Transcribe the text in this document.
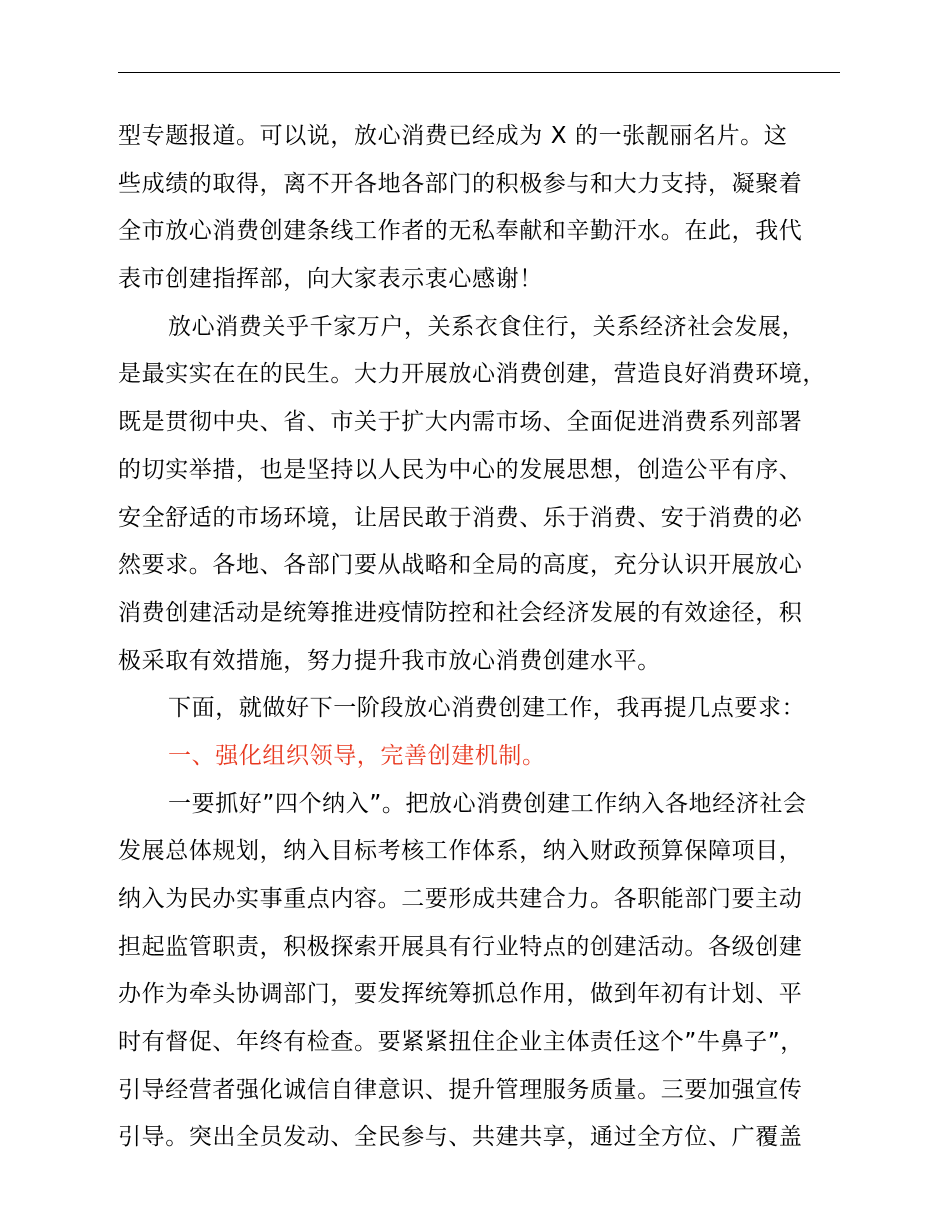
型专题报道。可以说，放心消费已经成为 X 的一张靓丽名片。这
些成绩的取得，离不开各地各部门的积极参与和大力支持，凝聚着
全市放心消费创建条线工作者的无私奉献和辛勤汗水。在此，我代
表市创建指挥部，向大家表示衷心感谢！
放心消费关乎千家万户，关系衣食住行，关系经济社会发展，
是最实实在在的民生。大力开展放心消费创建，营造良好消费环境，
既是贯彻中央、省、市关于扩大内需市场、全面促进消费系列部署
的切实举措，也是坚持以人民为中心的发展思想，创造公平有序、
安全舒适的市场环境，让居民敢于消费、乐于消费、安于消费的必
然要求。各地、各部门要从战略和全局的高度，充分认识开展放心
消费创建活动是统筹推进疫情防控和社会经济发展的有效途径，积
极采取有效措施，努力提升我市放心消费创建水平。
下面，就做好下一阶段放心消费创建工作，我再提几点要求：
一、强化组织领导，完善创建机制。
一要抓好”四个纳入”。把放心消费创建工作纳入各地经济社会
发展总体规划，纳入目标考核工作体系，纳入财政预算保障项目，
纳入为民办实事重点内容。二要形成共建合力。各职能部门要主动
担起监管职责，积极探索开展具有行业特点的创建活动。各级创建
办作为牵头协调部门，要发挥统筹抓总作用，做到年初有计划、平
时有督促、年终有检查。要紧紧扭住企业主体责任这个”牛鼻子”，
引导经营者强化诚信自律意识、提升管理服务质量。三要加强宣传
引导。突出全员发动、全民参与、共建共享，通过全方位、广覆盖
